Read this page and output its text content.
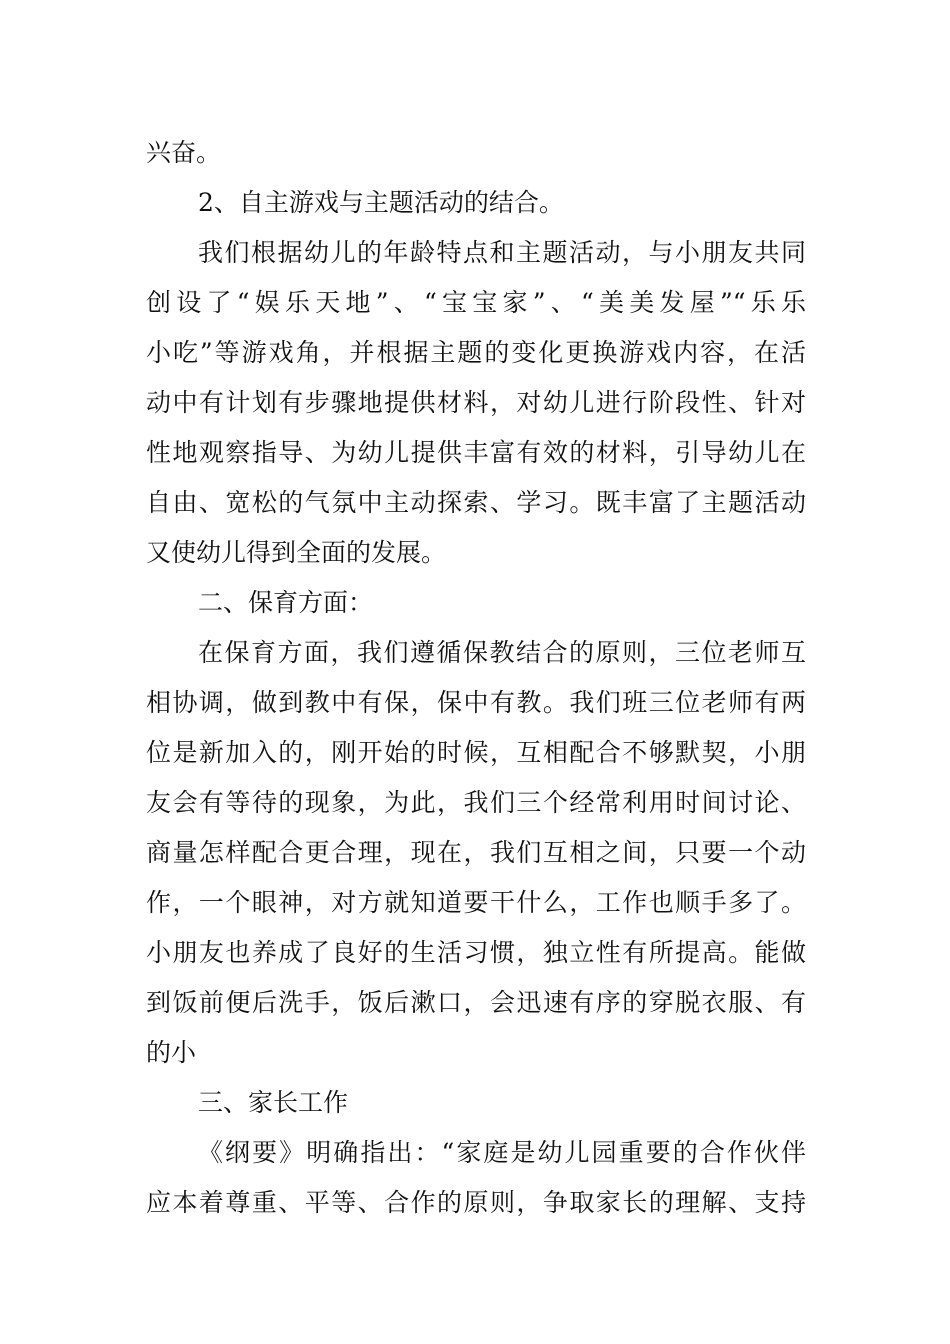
兴奋。
2、自主游戏与主题活动的结合。
我们根据幼儿的年龄特点和主题活动，与小朋友共同
创设了“娱乐天地”、“宝宝家”、“美美发屋”“乐乐
小吃”等游戏角，并根据主题的变化更换游戏内容，在活
动中有计划有步骤地提供材料，对幼儿进行阶段性、针对
性地观察指导、为幼儿提供丰富有效的材料，引导幼儿在
自由、宽松的气氛中主动探索、学习。既丰富了主题活动
又使幼儿得到全面的发展。
二、保育方面：
在保育方面，我们遵循保教结合的原则，三位老师互
相协调，做到教中有保，保中有教。我们班三位老师有两
位是新加入的，刚开始的时候，互相配合不够默契，小朋
友会有等待的现象，为此，我们三个经常利用时间讨论、
商量怎样配合更合理，现在，我们互相之间，只要一个动
作，一个眼神，对方就知道要干什么，工作也顺手多了。
小朋友也养成了良好的生活习惯，独立性有所提高。能做
到饭前便后洗手，饭后漱口，会迅速有序的穿脱衣服、有
的小
三、家长工作
《纲要》明确指出：“家庭是幼儿园重要的合作伙伴
应本着尊重、平等、合作的原则，争取家长的理解、支持
